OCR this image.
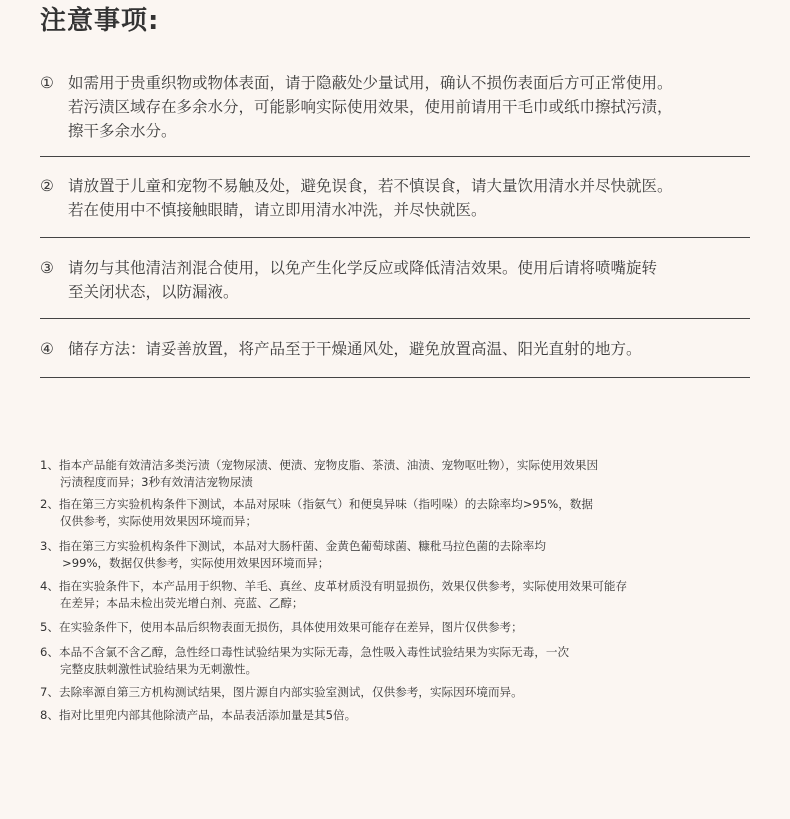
注意事项:
① 如需用于贵重织物或物体表面，请于隐蔽处少量试用，确认不损伤表面后方可正常使用。
若污渍区域存在多余水分，可能影响实际使用效果，使用前请用干毛巾或纸巾擦拭污渍，
擦干多余水分。
② 请放置于儿童和宠物不易触及处，避免误食，若不慎误食，请大量饮用清水并尽快就医。
若在使用中不慎接触眼睛，请立即用清水冲洗，并尽快就医。
③ 请勿与其他清洁剂混合使用，以免产生化学反应或降低清洁效果。使用后请将喷嘴旋转
至关闭状态，以防漏液。
④ 储存方法：请妥善放置，将产品至于干燥通风处，避免放置高温、阳光直射的地方。
1、指本产品能有效清洁多类污渍（宠物尿渍、便渍、宠物皮脂、茶渍、油渍、宠物呕吐物），实际使用效果因
污渍程度而异；3秒有效清洁宠物尿渍
2、指在第三方实验机构条件下测试，本品对尿味（指氨气）和便臭异味（指吲哚）的去除率均>95%，数据
仅供参考，实际使用效果因环境而异；
3、指在第三方实验机构条件下测试，本品对大肠杆菌、金黄色葡萄球菌、糠秕马拉色菌的去除率均
>99%，数据仅供参考，实际使用效果因环境而异；
4、指在实验条件下，本产品用于织物、羊毛、真丝、皮革材质没有明显损伤，效果仅供参考，实际使用效果可能存
在差异；本品未检出荧光增白剂、亮蓝、乙醇；
5、在实验条件下，使用本品后织物表面无损伤，具体使用效果可能存在差异，图片仅供参考；
6、本品不含氯不含乙醇，急性经口毒性试验结果为实际无毒，急性吸入毒性试验结果为实际无毒，一次
完整皮肤刺激性试验结果为无刺激性。
7、去除率源自第三方机构测试结果，图片源自内部实验室测试，仅供参考，实际因环境而异。
8、指对比里兜内部其他除渍产品，本品表活添加量是其5倍。
